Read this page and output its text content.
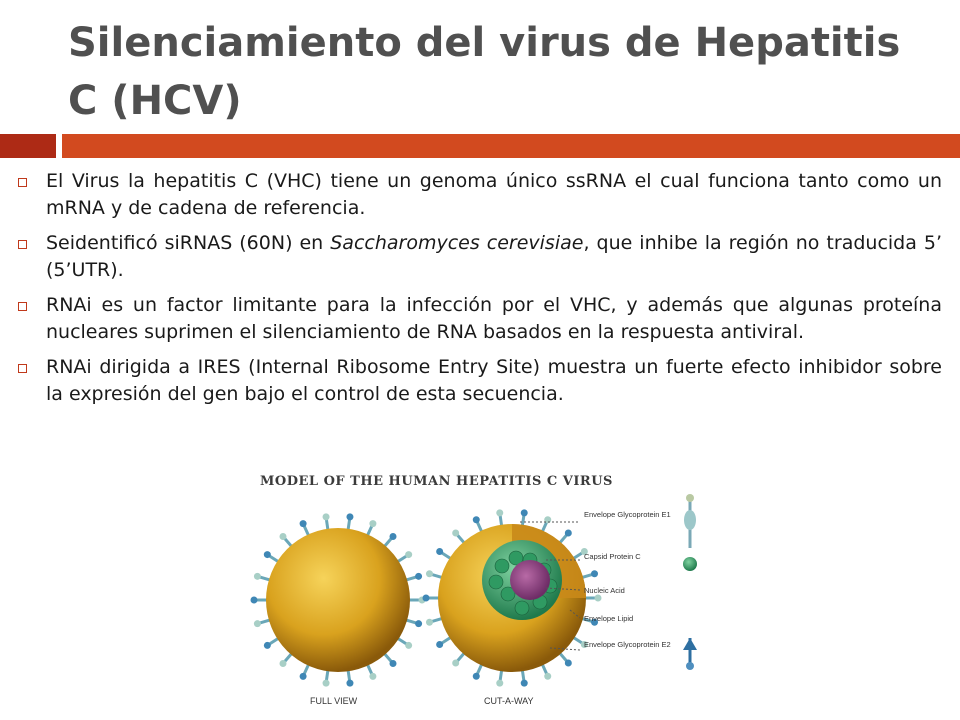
Silenciamiento del virus de Hepatitis C (HCV)
El Virus la hepatitis C (VHC) tiene un genoma único ssRNA el cual funciona tanto como un mRNA y de cadena de referencia.
Seidentificó siRNAS (60N) en Saccharomyces cerevisiae, que inhibe la región no traducida 5’ (5’UTR).
RNAi es un factor limitante para la infección por el VHC, y además que algunas proteína nucleares suprimen el silenciamiento de RNA basados en la respuesta antiviral.
RNAi dirigida a IRES (Internal Ribosome Entry Site) muestra un fuerte efecto inhibidor sobre la expresión del gen bajo el control de esta secuencia.
MODEL OF THE HUMAN HEPATITIS C VIRUS
Envelope Glycoprotein E1
Capsid Protein C
Nucleic Acid
Envelope Lipid
Envelope Glycoprotein E2
FULL VIEW	CUT-A-WAY
